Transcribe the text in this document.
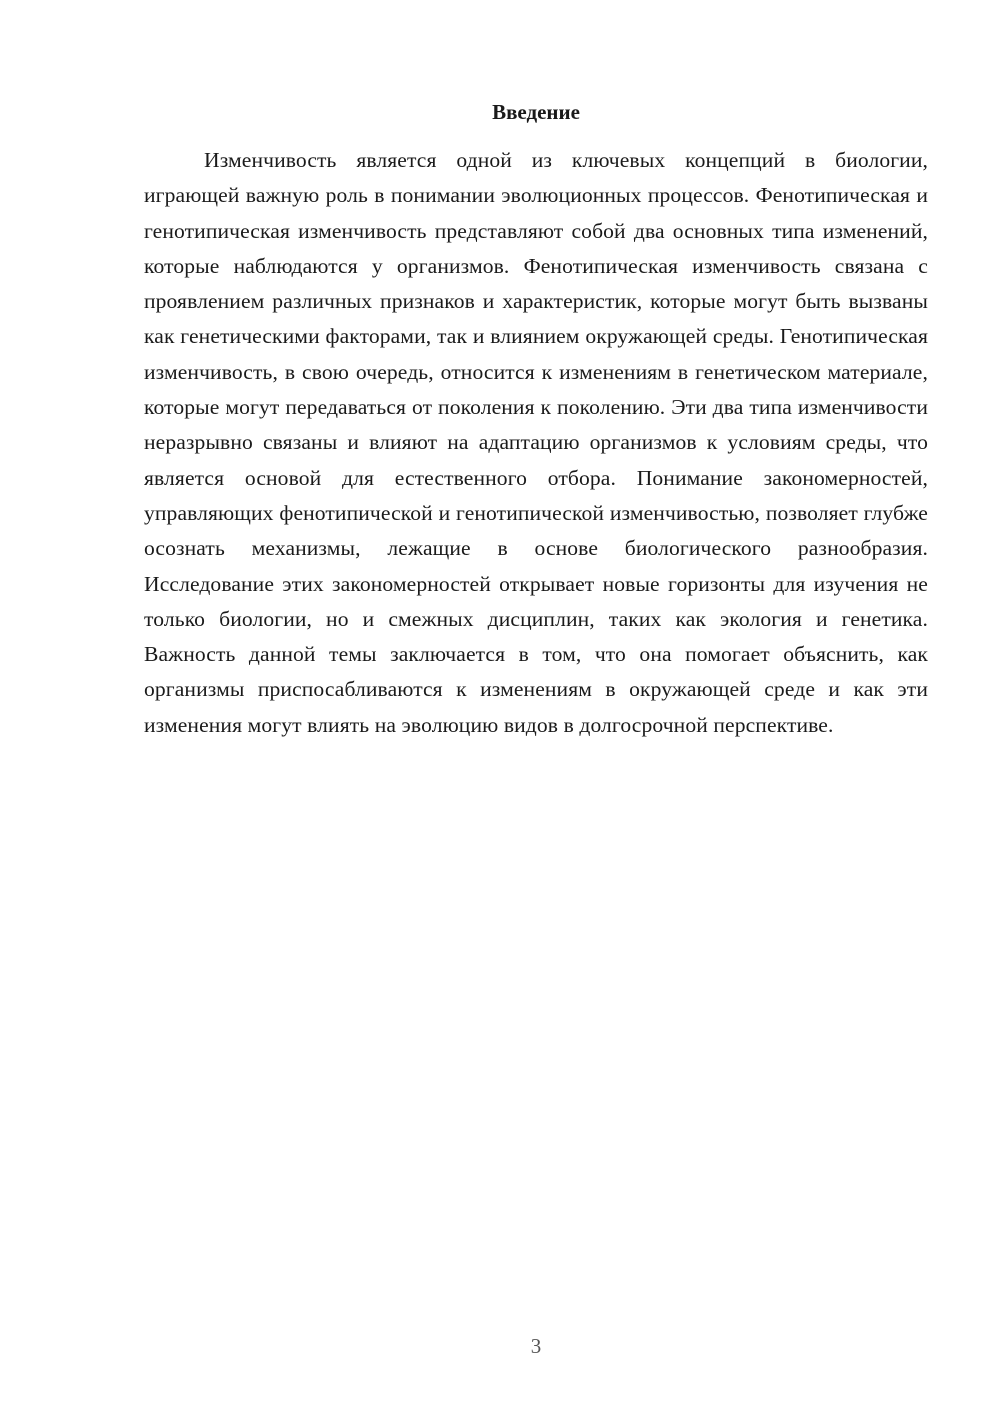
Введение

Изменчивость является одной из ключевых концепций в биологии, играющей важную роль в понимании эволюционных процессов. Фенотипическая и генотипическая изменчивость представляют собой два основных типа изменений, которые наблюдаются у организмов. Фенотипическая изменчивость связана с проявлением различных признаков и характеристик, которые могут быть вызваны как генетическими факторами, так и влиянием окружающей среды. Генотипическая изменчивость, в свою очередь, относится к изменениям в генетическом материале, которые могут передаваться от поколения к поколению. Эти два типа изменчивости неразрывно связаны и влияют на адаптацию организмов к условиям среды, что является основой для естественного отбора. Понимание закономерностей, управляющих фенотипической и генотипической изменчивостью, позволяет глубже осознать механизмы, лежащие в основе биологического разнообразия. Исследование этих закономерностей открывает новые горизонты для изучения не только биологии, но и смежных дисциплин, таких как экология и генетика. Важность данной темы заключается в том, что она помогает объяснить, как организмы приспосабливаются к изменениям в окружающей среде и как эти изменения могут влиять на эволюцию видов в долгосрочной перспективе.

3
